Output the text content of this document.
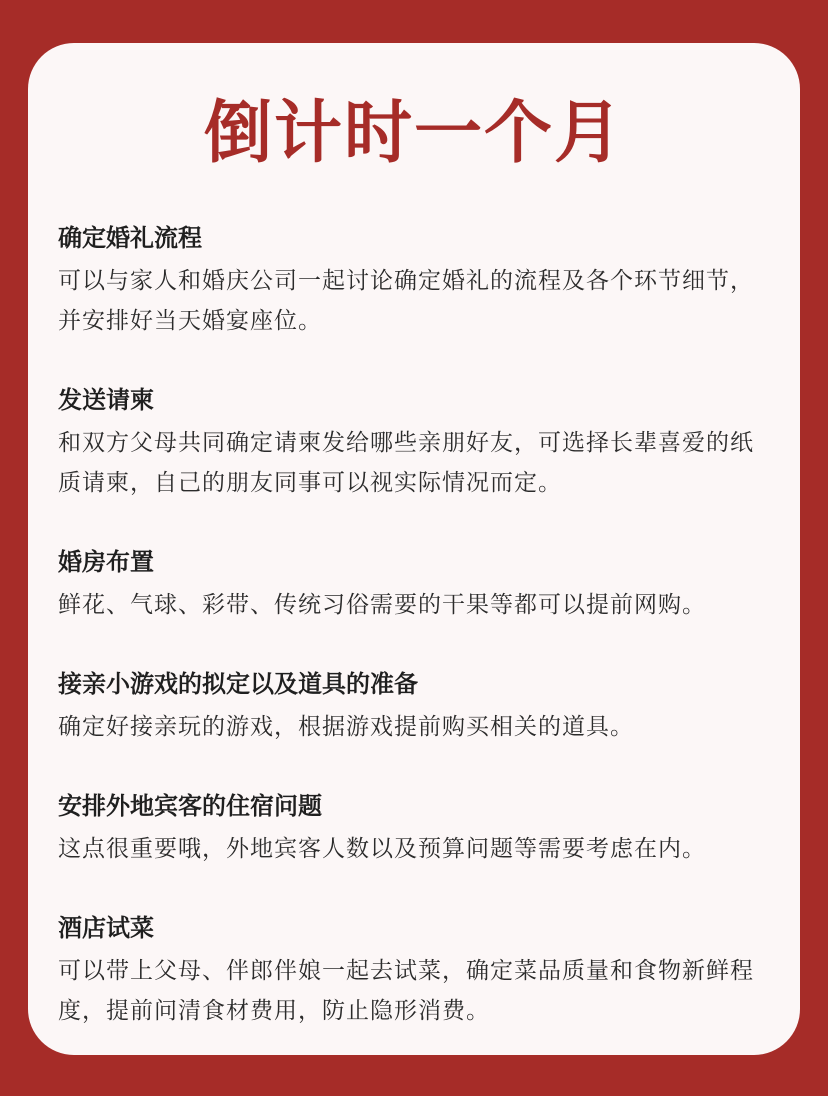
倒计时一个月
确定婚礼流程
可以与家人和婚庆公司一起讨论确定婚礼的流程及各个环节细节，并安排好当天婚宴座位。
发送请柬
和双方父母共同确定请柬发给哪些亲朋好友，可选择长辈喜爱的纸质请柬，自己的朋友同事可以视实际情况而定。
婚房布置
鲜花、气球、彩带、传统习俗需要的干果等都可以提前网购。
接亲小游戏的拟定以及道具的准备
确定好接亲玩的游戏，根据游戏提前购买相关的道具。
安排外地宾客的住宿问题
这点很重要哦，外地宾客人数以及预算问题等需要考虑在内。
酒店试菜
可以带上父母、伴郎伴娘一起去试菜，确定菜品质量和食物新鲜程度，提前问清食材费用，防止隐形消费。
